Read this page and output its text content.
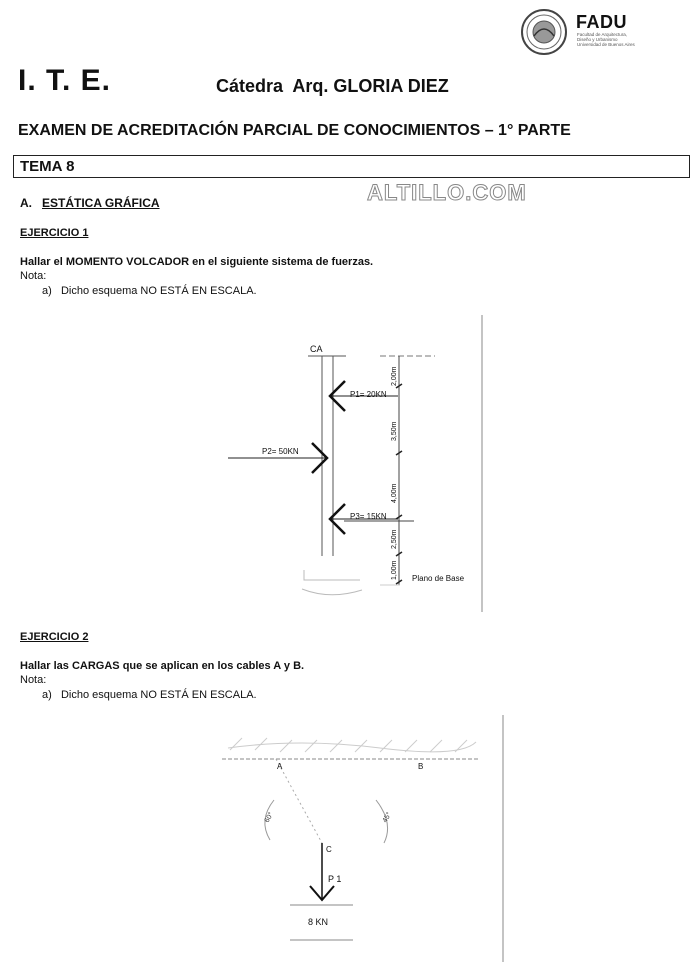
FADU
Facultad de Arquitectura,
Diseño y Urbanismo
Universidad de Buenos Aires
I. T. E.	Cátedra  Arq. GLORIA DIEZ
EXAMEN DE ACREDITACIÓN PARCIAL DE CONOCIMIENTOS – 1° PARTE
TEMA 8
ALTILLO.COM
A. ESTÁTICA GRÁFICA
EJERCICIO 1
Hallar el MOMENTO VOLCADOR en el siguiente sistema de fuerzas.
Nota:
a)   Dicho esquema NO ESTÁ EN ESCALA.
CA
P1= 20KN
P2= 50KN
P3= 15KN
Plano de Base
2,00m
3,50m
4,00m
2,50m
1,00m
EJERCICIO 2
Hallar las CARGAS que se aplican en los cables A y B.
Nota:
a)   Dicho esquema NO ESTÁ EN ESCALA.
A	B
C
60°	45°
P 1
8 KN
